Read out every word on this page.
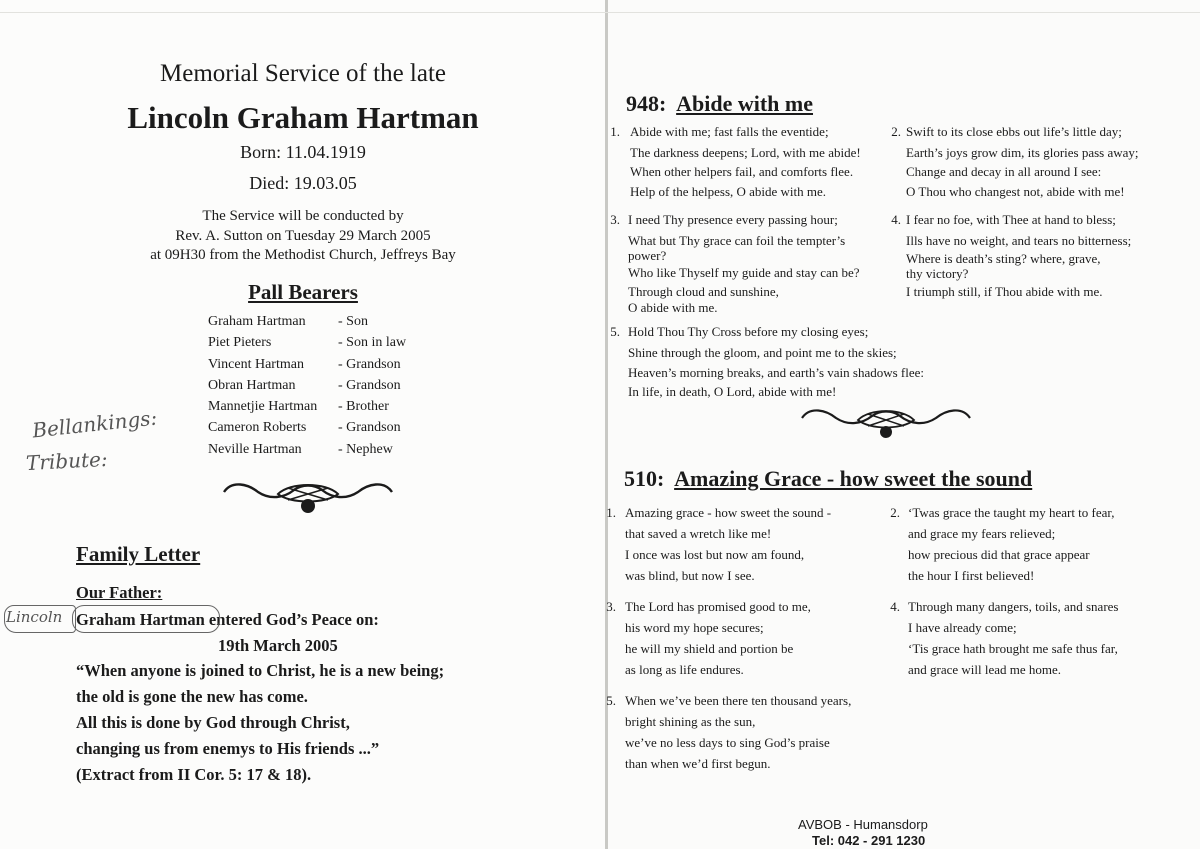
Memorial Service of the late
Lincoln Graham Hartman
Born: 11.04.1919
Died: 19.03.05
The Service will be conducted by
Rev. A. Sutton on Tuesday 29 March 2005
at 09H30 from the Methodist Church, Jeffreys Bay
Pall Bearers
Graham Hartman - Son
Piet Pieters	- Son in law
Vincent Hartman - Grandson
Obran Hartman	- Grandson
Mannetjie Hartman - Brother
Cameron Roberts - Grandson
Neville Hartman	- Nephew
Bellankings:
Tribute:
Family Letter
Our Father:
Lincoln Graham Hartman entered God’s Peace on:
19th March 2005
“When anyone is joined to Christ, he is a new being;
the old is gone the new has come.
All this is done by God through Christ,
changing us from enemys to His friends ...”
(Extract from II Cor. 5: 17 & 18).
948: Abide with me
1. Abide with me; fast falls the eventide;
The darkness deepens; Lord, with me abide!
When other helpers fail, and comforts flee.
Help of the helpess, O abide with me.
2. Swift to its close ebbs out life’s little day;
Earth’s joys grow dim, its glories pass away;
Change and decay in all around I see:
O Thou who changest not, abide with me!
3. I need Thy presence every passing hour;
What but Thy grace can foil the tempter’s
power?
Who like Thyself my guide and stay can be?
Through cloud and sunshine,
O abide with me.
4. I fear no foe, with Thee at hand to bless;
Ills have no weight, and tears no bitterness;
Where is death’s sting? where, grave,
thy victory?
I triumph still, if Thou abide with me.
5. Hold Thou Thy Cross before my closing eyes;
Shine through the gloom, and point me to the skies;
Heaven’s morning breaks, and earth’s vain shadows flee:
In life, in death, O Lord, abide with me!
510: Amazing Grace - how sweet the sound
1. Amazing grace - how sweet the sound -
that saved a wretch like me!
I once was lost but now am found,
was blind, but now I see.
2. ‘Twas grace the taught my heart to fear,
and grace my fears relieved;
how precious did that grace appear
the hour I first believed!
3. The Lord has promised good to me,
his word my hope secures;
he will my shield and portion be
as long as life endures.
4. Through many dangers, toils, and snares
I have already come;
‘Tis grace hath brought me safe thus far,
and grace will lead me home.
5. When we’ve been there ten thousand years,
bright shining as the sun,
we’ve no less days to sing God’s praise
than when we’d first begun.
AVBOB - Humansdorp
Tel: 042 - 291 1230
